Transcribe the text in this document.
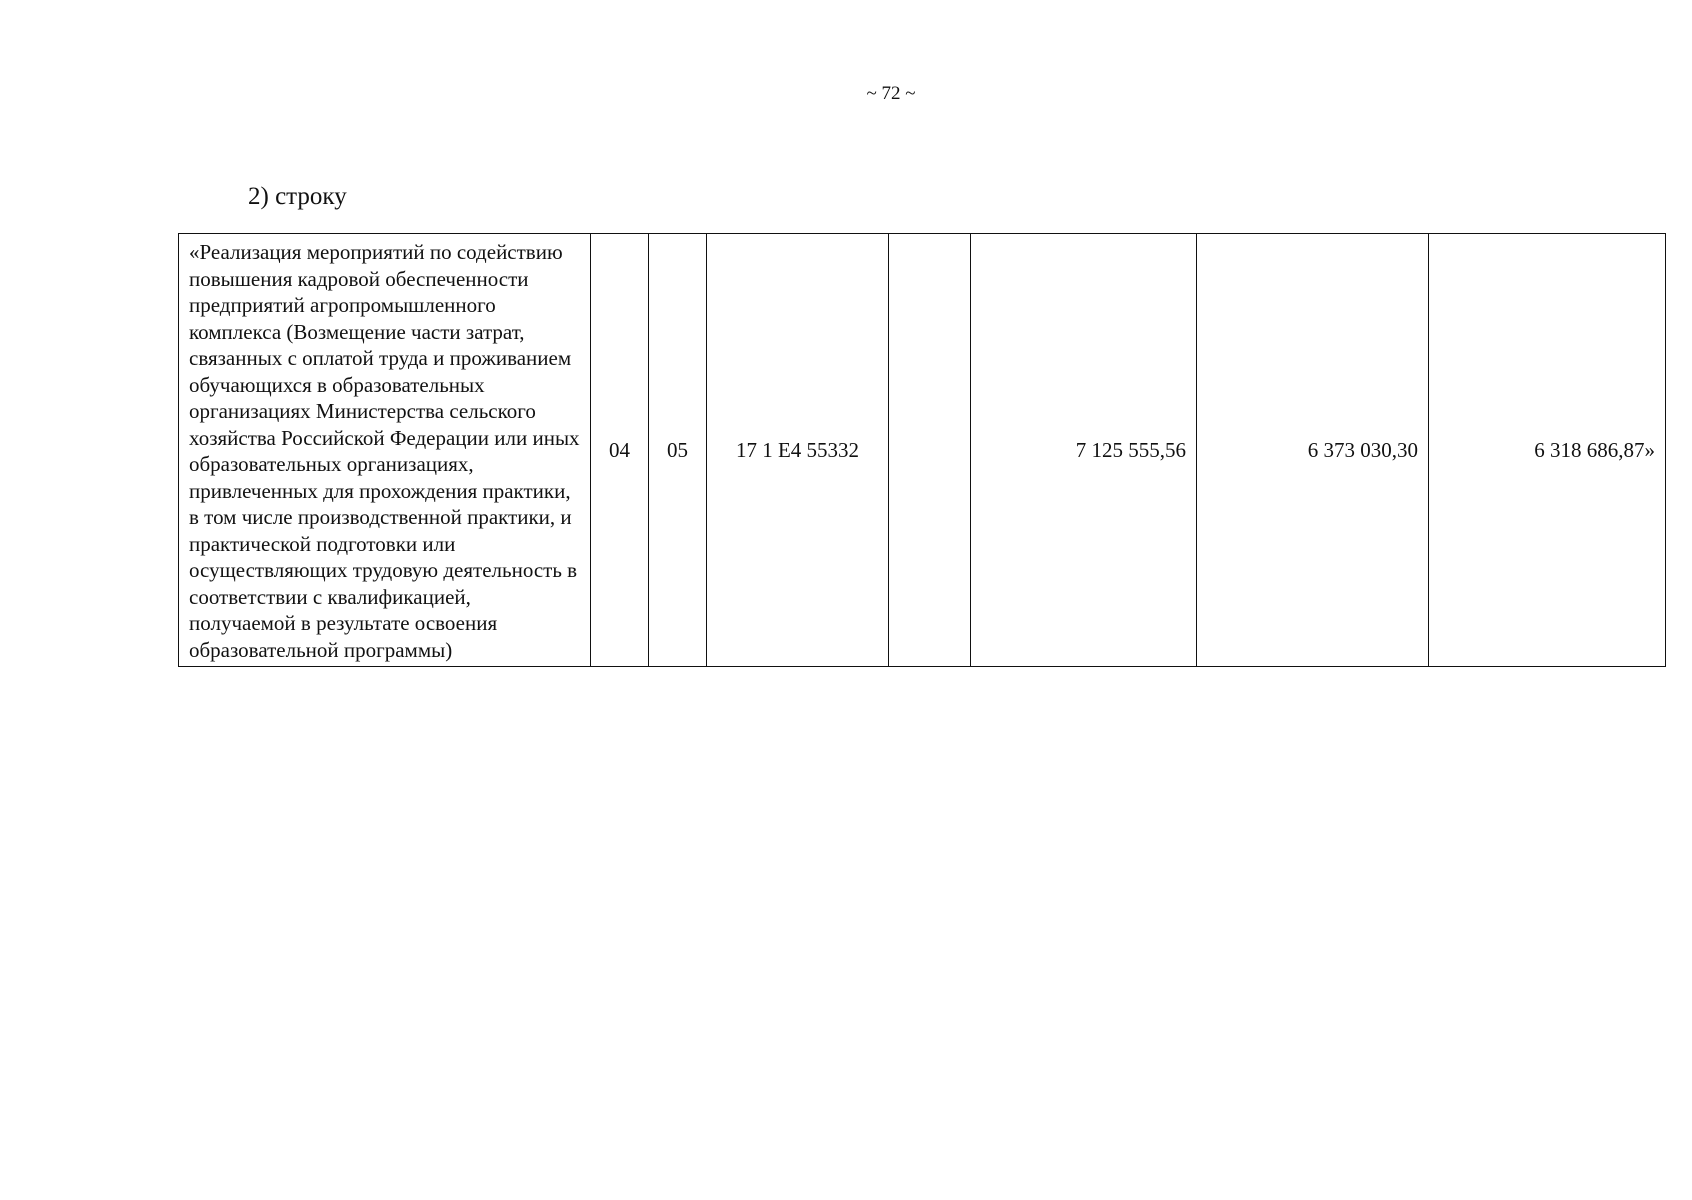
~ 72 ~
2) строку
«Реализация мероприятий по содействию повышения кадровой обеспеченности предприятий агропромышленного комплекса (Возмещение части затрат, связанных с оплатой труда и проживанием обучающихся в образовательных организациях Министерства сельского хозяйства Российской Федерации или иных образовательных организациях, привлеченных для прохождения практики, в том числе производственной практики, и практической подготовки или осуществляющих трудовую деятельность в соответствии с квалификацией, получаемой в результате освоения образовательной программы)	04	05	17 1 Е4 55332		7 125 555,56	6 373 030,30	6 318 686,87»
